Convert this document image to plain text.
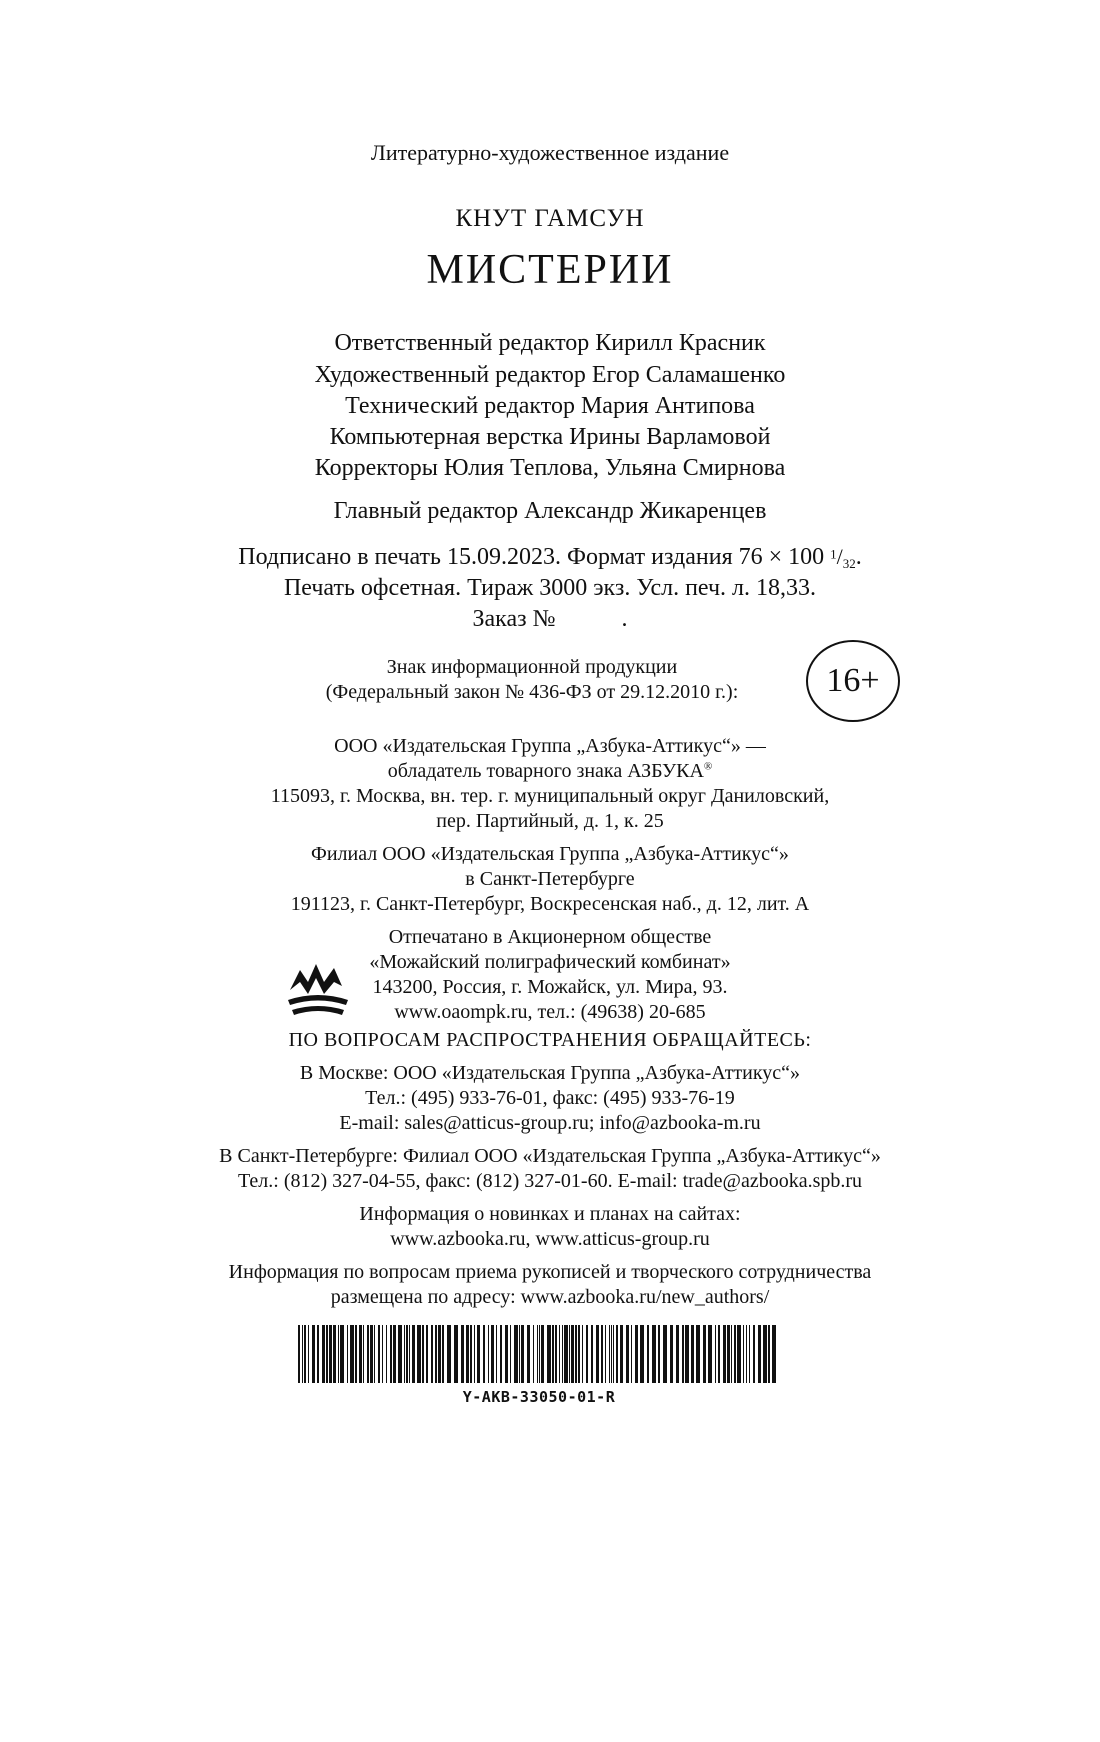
Литературно-художественное издание
КНУТ ГАМСУН
МИСТЕРИИ
Ответственный редактор Кирилл Красник
Художественный редактор Егор Саламашенко
Технический редактор Мария Антипова
Компьютерная верстка Ирины Варламовой
Корректоры Юлия Теплова, Ульяна Смирнова
Главный редактор Александр Жикаренцев
Подписано в печать 15.09.2023. Формат издания 76 × 100 $^1/_{32}$.
Печать офсетная. Тираж 3000 экз. Усл. печ. л. 18,33.
Заказ №	.
Знак информационной продукции
(Федеральный закон № 436-ФЗ от 29.12.2010 г.):	16+
ООО «Издательская Группа „Азбука-Аттикус“» —
обладатель товарного знака АЗБУКА®
115093, г. Москва, вн. тер. г. муниципальный округ Даниловский,
пер. Партийный, д. 1, к. 25
Филиал ООО «Издательская Группа „Азбука-Аттикус“»
в Санкт-Петербурге
191123, г. Санкт-Петербург, Воскресенская наб., д. 12, лит. А
Отпечатано в Акционерном обществе
«Можайский полиграфический комбинат»
143200, Россия, г. Можайск, ул. Мира, 93.
www.oaompk.ru, тел.: (49638) 20-685
ПО ВОПРОСАМ РАСПРОСТРАНЕНИЯ ОБРАЩАЙТЕСЬ:
В Москве: ООО «Издательская Группа „Азбука-Аттикус“»
Тел.: (495) 933-76-01, факс: (495) 933-76-19
E-mail: sales@atticus-group.ru; info@azbooka-m.ru
В Санкт-Петербурге: Филиал ООО «Издательская Группа „Азбука-Аттикус“»
Тел.: (812) 327-04-55, факс: (812) 327-01-60. E-mail: trade@azbooka.spb.ru
Информация о новинках и планах на сайтах:
www.azbooka.ru, www.atticus-group.ru
Информация по вопросам приема рукописей и творческого сотрудничества
размещена по адресу: www.azbooka.ru/new_authors/
Y-AKB-33050-01-R
